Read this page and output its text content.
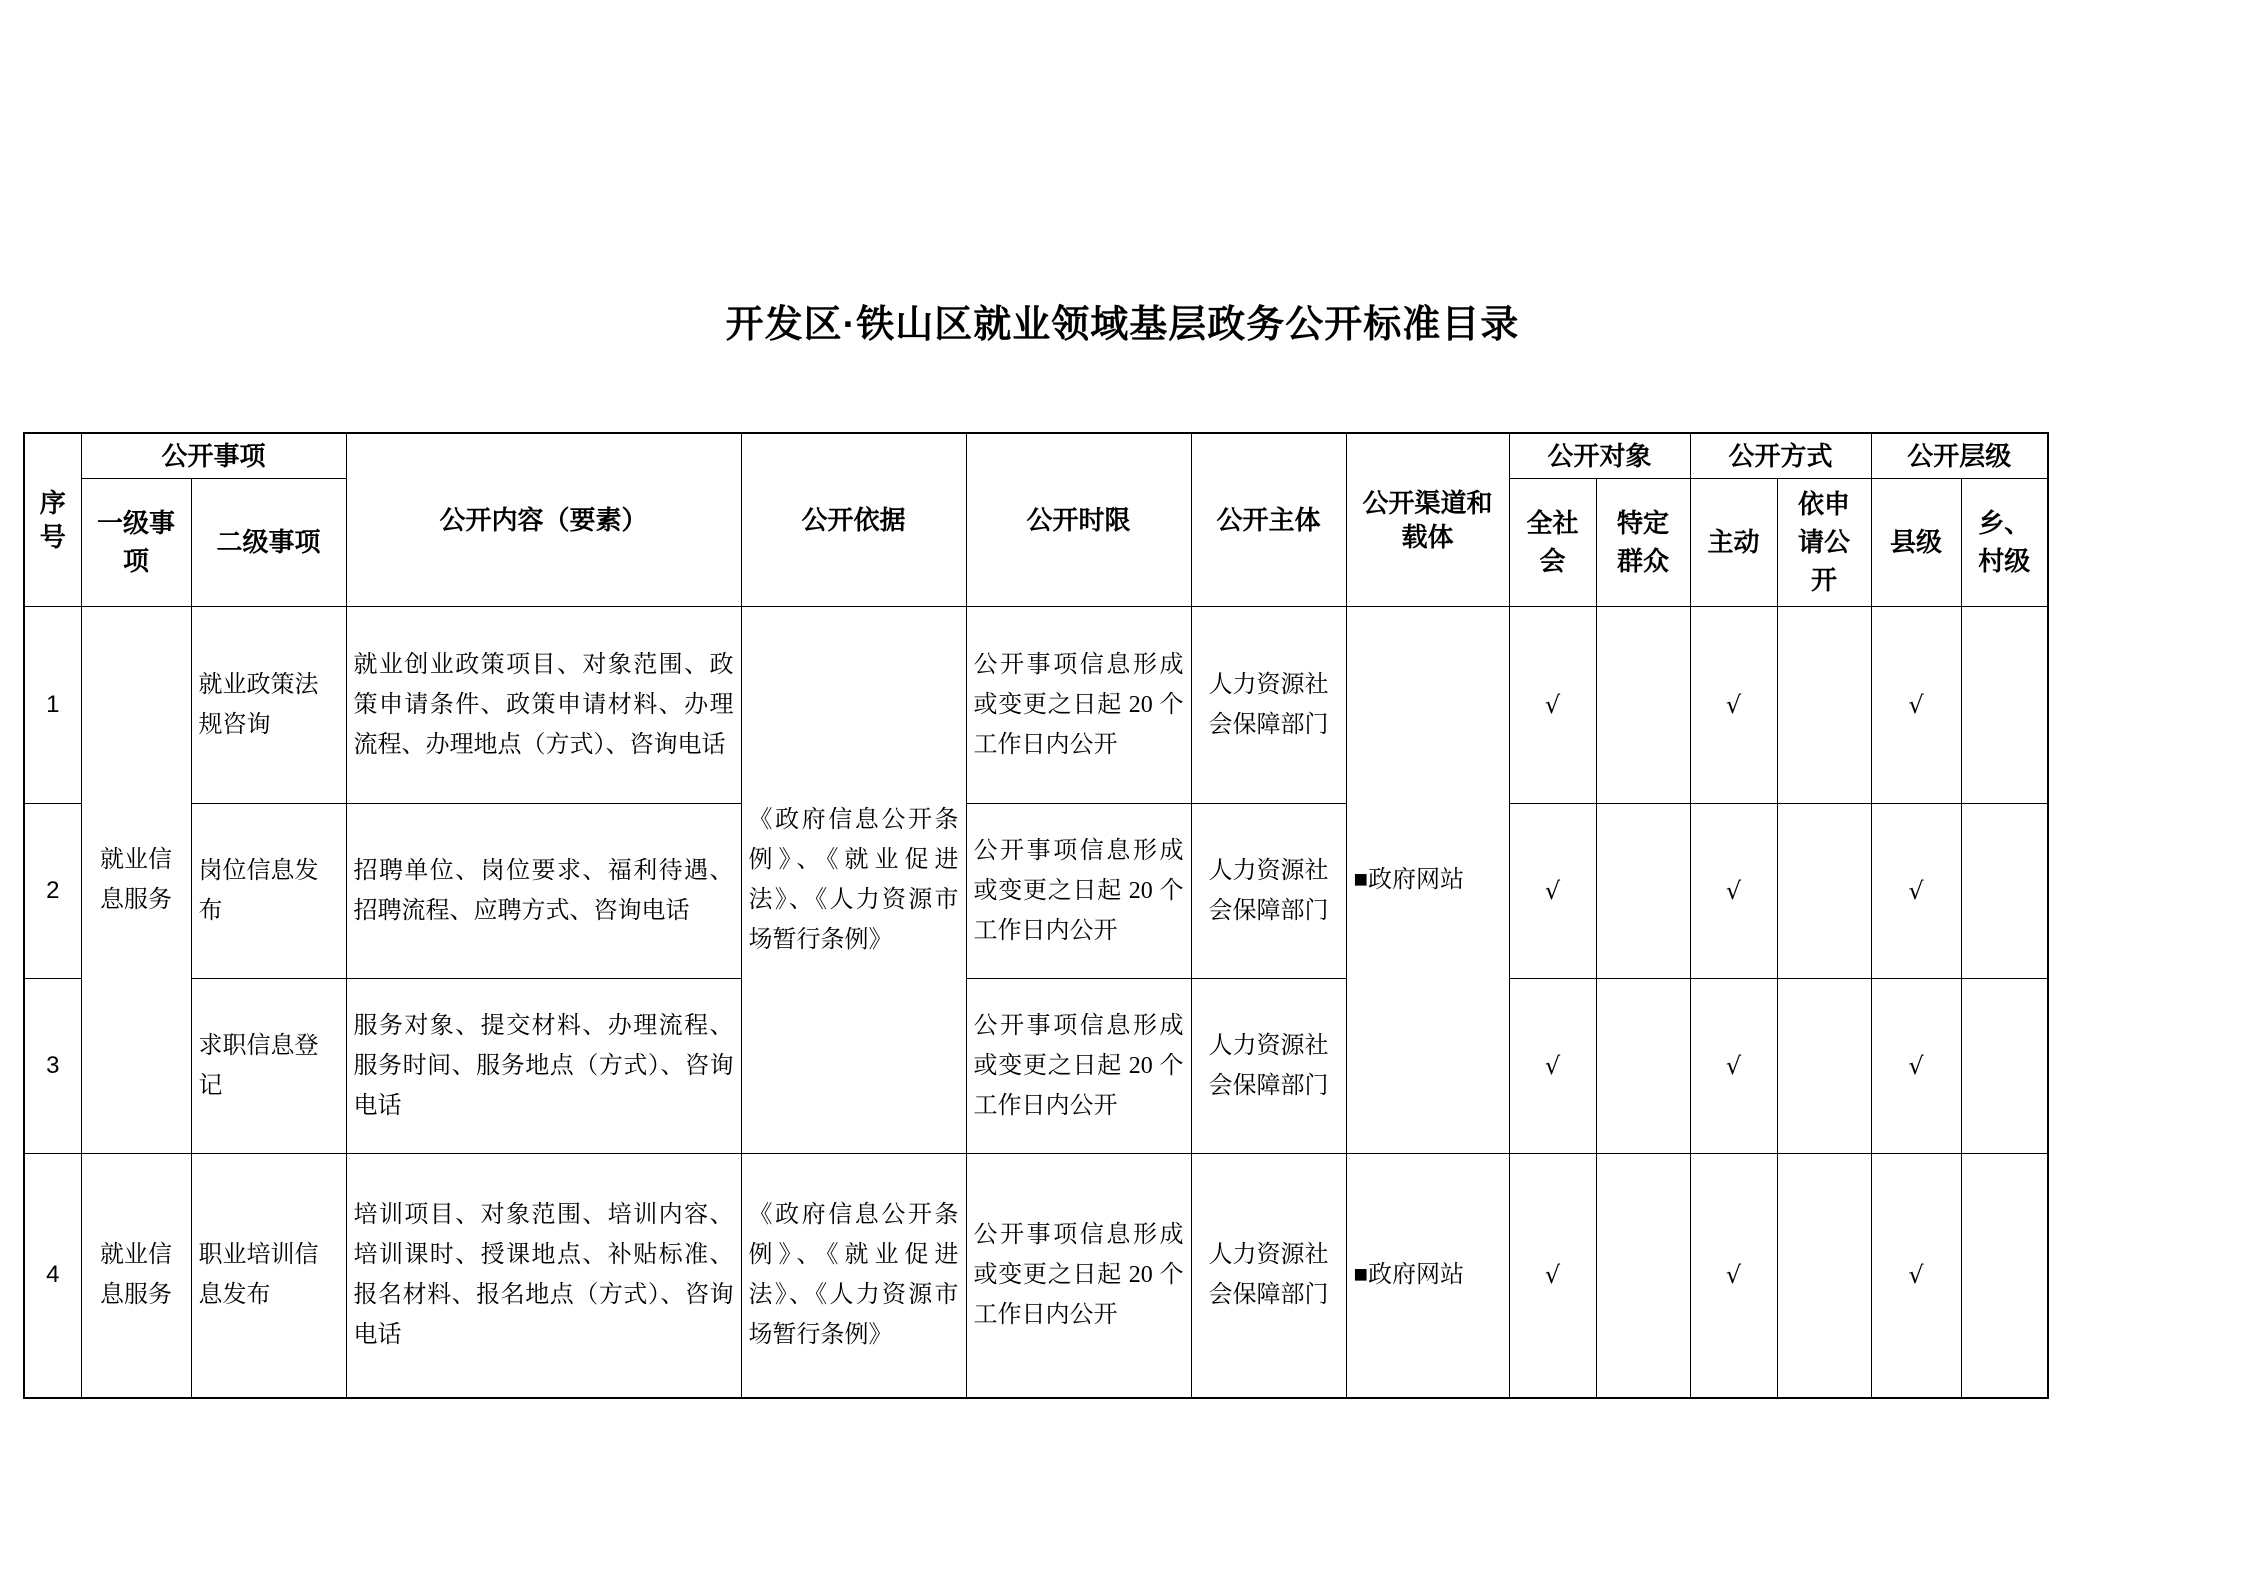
开发区·铁山区就业领域基层政务公开标准目录
序号	公开事项		公开内容（要素）	公开依据	公开时限	公开主体	公开渠道和载体	公开对象		公开方式		公开层级	
	一级事项	二级事项						全社会	特定群众	主动	依申请公开	县级	乡、村级
1	就业信息服务	就业政策法规咨询	就业创业政策项目、对象范围、政策申请条件、政策申请材料、办理流程、办理地点（方式）、咨询电话	《政府信息公开条例》、《就业促进法》、《人力资源市场暂行条例》	公开事项信息形成或变更之日起 20 个工作日内公开	人力资源社会保障部门	■政府网站	√		√		√	
2		岗位信息发布	招聘单位、岗位要求、福利待遇、招聘流程、应聘方式、咨询电话		公开事项信息形成或变更之日起 20 个工作日内公开	人力资源社会保障部门		√		√		√	
3		求职信息登记	服务对象、提交材料、办理流程、服务时间、服务地点（方式）、咨询电话		公开事项信息形成或变更之日起 20 个工作日内公开	人力资源社会保障部门		√		√		√	
4	就业信息服务	职业培训信息发布	培训项目、对象范围、培训内容、培训课时、授课地点、补贴标准、报名材料、报名地点（方式）、咨询电话	《政府信息公开条例》、《就业促进法》、《人力资源市场暂行条例》	公开事项信息形成或变更之日起 20 个工作日内公开	人力资源社会保障部门	■政府网站	√		√		√	
